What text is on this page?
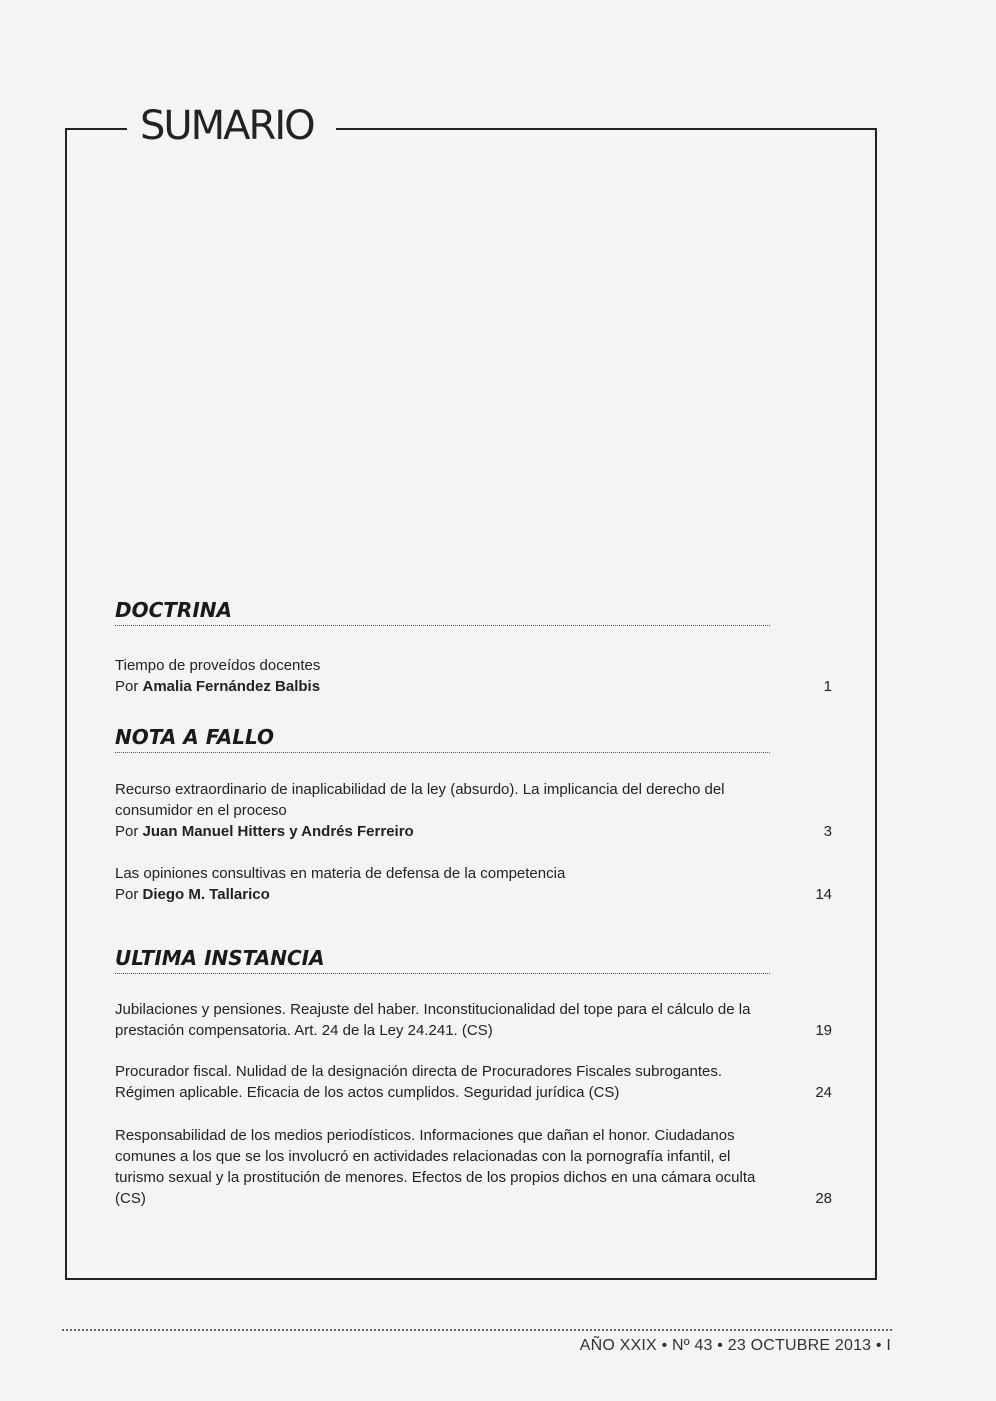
SUMARIO
DOCTRINA
Tiempo de proveídos docentes
Por Amalia Fernández Balbis	1
NOTA A FALLO
Recurso extraordinario de inaplicabilidad de la ley (absurdo). La implicancia del derecho del consumidor en el proceso
Por Juan Manuel Hitters y Andrés Ferreiro	3
Las opiniones consultivas en materia de defensa de la competencia
Por Diego M. Tallarico	14
ULTIMA INSTANCIA
Jubilaciones y pensiones. Reajuste del haber. Inconstitucionalidad del tope para el cálculo de la prestación compensatoria. Art. 24 de la Ley 24.241. (CS)	19
Procurador fiscal. Nulidad de la designación directa de Procuradores Fiscales subrogantes. Régimen aplicable. Eficacia de los actos cumplidos. Seguridad jurídica (CS)	24
Responsabilidad de los medios periodísticos. Informaciones que dañan el honor. Ciudadanos comunes a los que se los involucró en actividades relacionadas con la pornografía infantil, el turismo sexual y la prostitución de menores. Efectos de los propios dichos en una cámara oculta (CS)	28
AÑO XXIX • Nº 43 • 23 OCTUBRE 2013 • I
